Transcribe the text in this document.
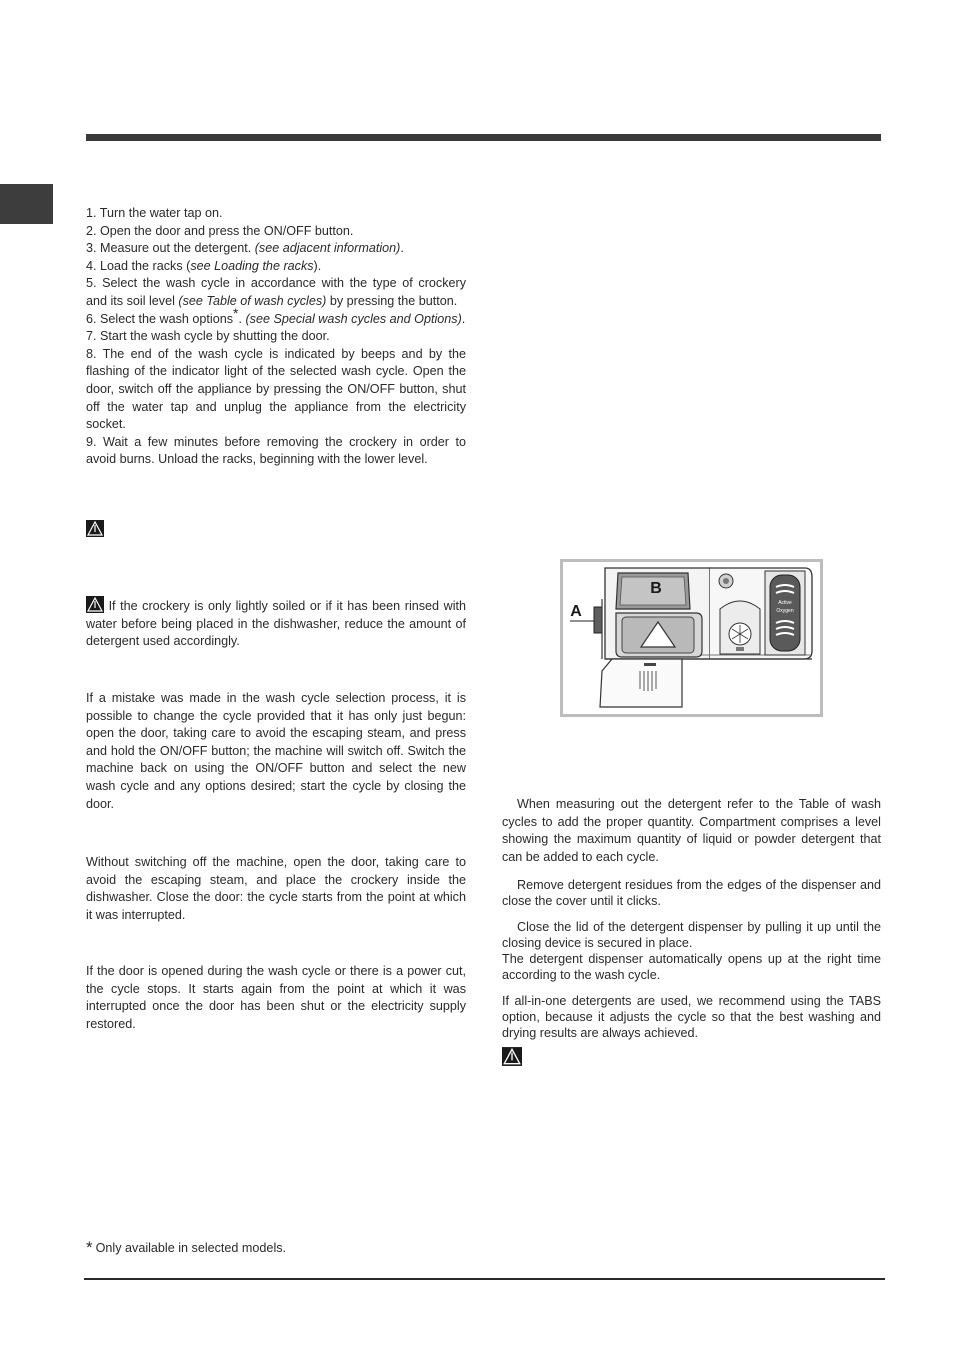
1. Turn the water tap on.

2. Open the door and press the ON/OFF button.

3. Measure out the detergent. (see adjacent information).

4. Load the racks (see Loading the racks).

5. Select the wash cycle in accordance with the type of crockery and its soil level (see Table of wash cycles) by pressing the button.

6. Select the wash options*. (see Special wash cycles and Options).

7. Start the wash cycle by shutting the door.

8. The end of the wash cycle is indicated by beeps and by the flashing of the indicator light of the selected wash cycle. Open the door, switch off the appliance by pressing the ON/OFF button, shut off the water tap and unplug the appliance from the electricity socket.

9. Wait a few minutes before removing the crockery in order to avoid burns. Unload the racks, beginning with the lower level.

If the crockery is only lightly soiled or if it has been rinsed with water before being placed in the dishwasher, reduce the amount of detergent used accordingly.

If a mistake was made in the wash cycle selection process, it is possible to change the cycle provided that it has only just begun: open the door, taking care to avoid the escaping steam, and press and hold the ON/OFF button; the machine will switch off. Switch the machine back on using the ON/OFF button and select the new wash cycle and any options desired; start the cycle by closing the door.

Without switching off the machine, open the door, taking care to avoid the escaping steam, and place the crockery inside the dishwasher. Close the door: the cycle starts from the point at which it was interrupted.

If the door is opened during the wash cycle or there is a power cut, the cycle stops. It starts again from the point at which it was interrupted once the door has been shut or the electricity supply restored.

Active
Oxygen
B
A

When measuring out the detergent refer to the Table of wash cycles to add the proper quantity. Compartment comprises a level showing the maximum quantity of liquid or powder detergent that can be added to each cycle.

Remove detergent residues from the edges of the dispenser and close the cover until it clicks.

Close the lid of the detergent dispenser by pulling it up until the closing device is secured in place.

The detergent dispenser automatically opens up at the right time according to the wash cycle.

If all-in-one detergents are used, we recommend using the TABS option, because it adjusts the cycle so that the best washing and drying results are always achieved.

* Only available in selected models.
